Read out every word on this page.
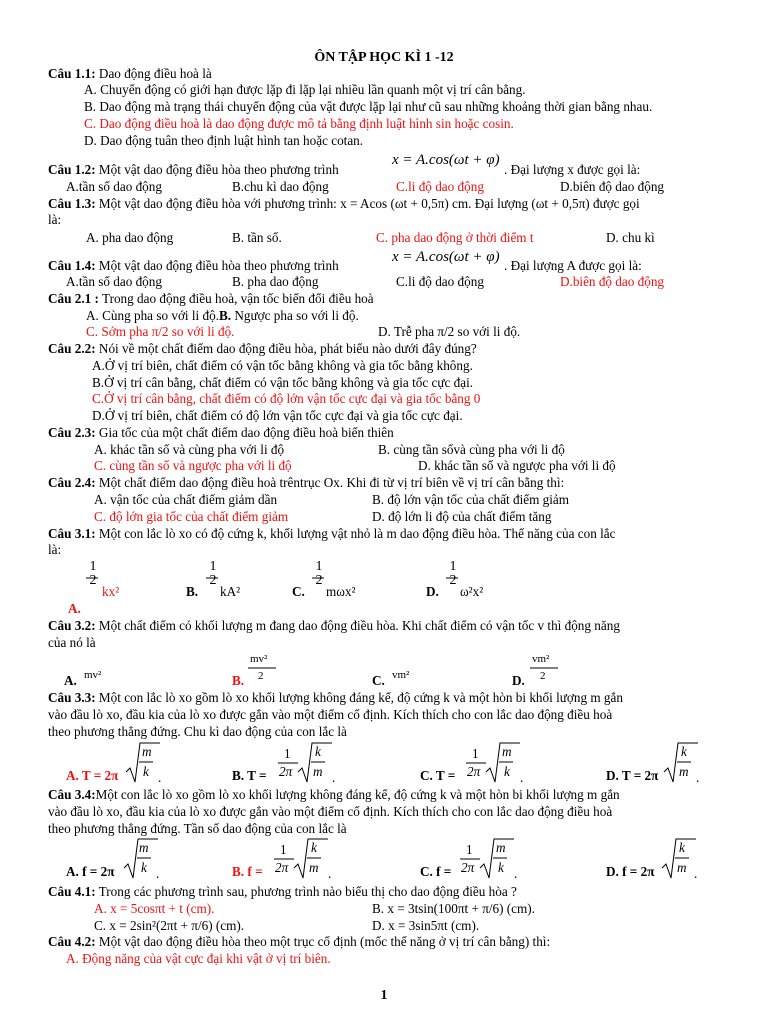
ÔN TẬP HỌC KÌ 1 -12
Câu 1.1: Dao động điều hoà là
A. Chuyển động có giới hạn được lặp đi lặp lại nhiều lần quanh một vị trí cân bằng.
B. Dao động mà trạng thái chuyển động của vật được lặp lại như cũ sau những khoảng thời gian bằng nhau.
C. Dao động điều hoà là dao động được mô tả bằng định luật hình sin hoặc cosin.
D. Dao động tuân theo định luật hình tan hoặc cotan.
Câu 1.2: Một vật dao động điều hòa theo phương trình
x = A.cos(ωt + φ)
. Đại lượng x được gọi là:
A.tần số dao động	B.chu kì dao động	C.li độ dao động	D.biên độ dao động
Câu 1.3: Một vật dao động điều hòa với phương trình: x = Acos (ωt + 0,5π) cm. Đại lượng (ωt + 0,5π) được gọi
là:
A. pha dao động	B. tần số.	C. pha dao động ở thời điểm t	D. chu kì
Câu 1.4: Một vật dao động điều hòa theo phương trình
x = A.cos(ωt + φ)
. Đại lượng A được gọi là:
A.tần số dao động	B. pha dao động	C.li độ dao động	D.biên độ dao động
Câu 2.1 : Trong dao động điều hoà, vận tốc biến đổi điều hoà
A. Cùng pha so với li độ.B. Ngược pha so với li độ.
C. Sớm pha π/2 so với li độ.	D. Trễ pha π/2 so với li độ.
Câu 2.2: Nói về một chất điểm dao động điều hòa, phát biểu nào dưới đây đúng?
A.Ở vị trí biên, chất điểm có vận tốc bằng không và gia tốc bằng không.
B.Ở vị trí cân bằng, chất điểm có vận tốc bằng không và gia tốc cực đại.
C.Ở vị trí cân bằng, chất điểm có độ lớn vận tốc cực đại và gia tốc bằng 0
D.Ở vị trí biên, chất điểm có độ lớn vận tốc cực đại và gia tốc cực đại.
Câu 2.3: Gia tốc của một chất điểm dao động điều hoà biến thiên
A. khác tần số và cùng pha với li độ	B. cùng tần sốvà cùng pha với li độ
C. cùng tần số và ngược pha với li độ	D. khác tần số và ngược pha với li độ
Câu 2.4: Một chất điểm dao động điều hoà trêntrục Ox. Khi đi từ vị trí biên về vị trí cân bằng thì:
A. vận tốc của chất điểm giảm dần	B. độ lớn vận tốc của chất điểm giảm
C. độ lớn gia tốc của chất điểm giảm	D. độ lớn li độ của chất điểm tăng
Câu 3.1: Một con lắc lò xo có độ cứng k, khối lượng vật nhỏ là m dao động điều hòa. Thế năng của con lắc
là:
1
2
kx²	B.
1
2
kA²	C.
1
2
mωx²	D.
1
2
ω²x²
A.
Câu 3.2: Một chất điểm có khối lượng m đang dao động điều hòa. Khi chất điểm có vận tốc v thì động năng
của nó là
A. mv²	B.
mv²
2	C. vm²	D.
vm²
2
Câu 3.3: Một con lắc lò xo gồm lò xo khối lượng không đáng kể, độ cứng k và một hòn bi khối lượng m gắn
vào đầu lò xo, đầu kia của lò xo được gắn vào một điểm cố định. Kích thích cho con lắc dao động điều hoà
theo phương thẳng đứng. Chu kì dao động của con lắc là
A. T = 2π
m
k .	B. T =
1
2π
k
m .	C. T =
1
2π
m
k .	D. T = 2π
k
m .
Câu 3.4:Một con lắc lò xo gồm lò xo khối lượng không đáng kể, độ cứng k và một hòn bi khối lượng m gắn
vào đầu lò xo, đầu kia của lò xo được gắn vào một điểm cố định. Kích thích cho con lắc dao động điều hoà
theo phương thẳng đứng. Tần số dao động của con lắc là
A. f = 2π
m
k .	B. f =
1
2π
k
m .	C. f =
1
2π
m
k .	D. f = 2π
k
m .
Câu 4.1: Trong các phương trình sau, phương trình nào biểu thị cho dao động điều hòa ?
A. x = 5cosπt + t (cm).	B. x = 3tsin(100πt + π/6) (cm).
C. x = 2sin²(2πt + π/6) (cm).	D. x = 3sin5πt (cm).
Câu 4.2: Một vật dao động điều hòa theo một trục cố định (mốc thế năng ở vị trí cân bằng) thì:
A. Động năng của vật cực đại khi vật ở vị trí biên.
1
